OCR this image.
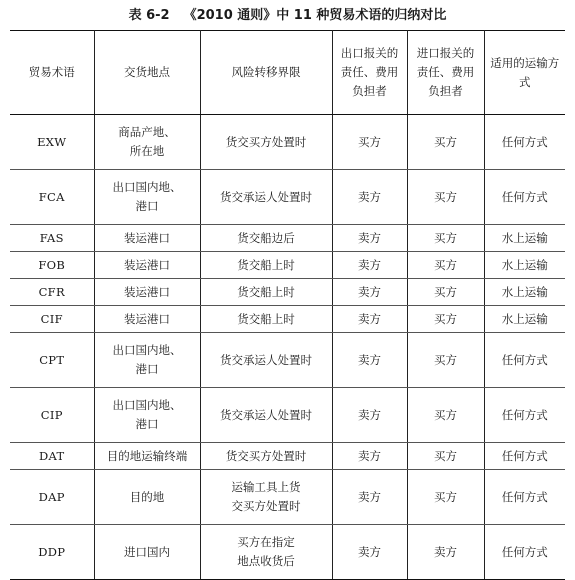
表 6-2 《2010 通则》中 11 种贸易术语的归纳对比
贸易术语	交货地点	风险转移界限	出口报关的
责任、费用
负担者	进口报关的
责任、费用
负担者	适用的运输方式
EXW	商品产地、
所在地	货交买方处置时	买方	买方	任何方式
FCA	出口国内地、
港口	货交承运人处置时	卖方	买方	任何方式
FAS	装运港口	货交船边后	卖方	买方	水上运输
FOB	装运港口	货交船上时	卖方	买方	水上运输
CFR	装运港口	货交船上时	卖方	买方	水上运输
CIF	装运港口	货交船上时	卖方	买方	水上运输
CPT	出口国内地、
港口	货交承运人处置时	卖方	买方	任何方式
CIP	出口国内地、
港口	货交承运人处置时	卖方	买方	任何方式
DAT	目的地运输终端	货交买方处置时	卖方	买方	任何方式
DAP	目的地	运输工具上货
交买方处置时	卖方	买方	任何方式
DDP	进口国内	买方在指定
地点收货后	卖方	卖方	任何方式
